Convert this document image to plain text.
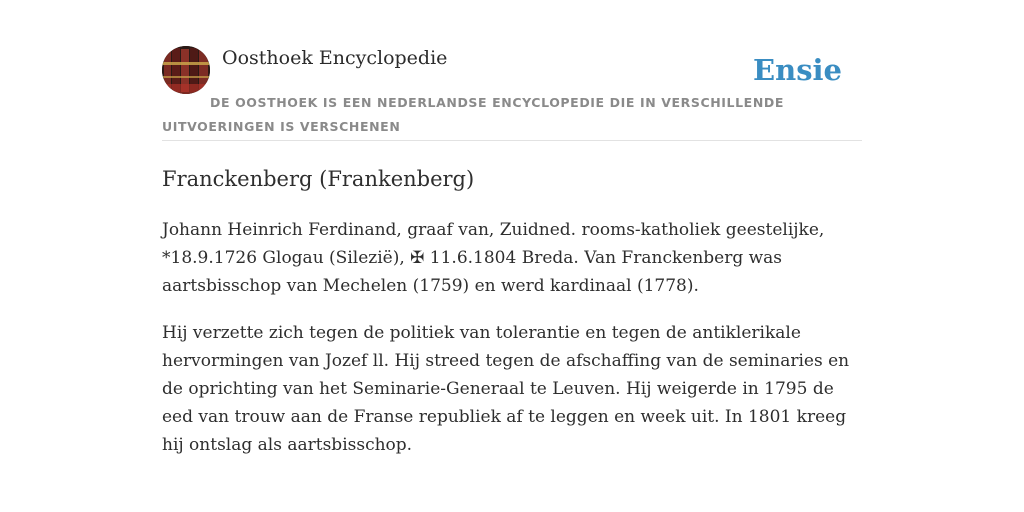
Oosthoek Encyclopedie	Ensie
DE OOSTHOEK IS EEN NEDERLANDSE ENCYCLOPEDIE DIE IN VERSCHILLENDE UITVOERINGEN IS VERSCHENEN
Franckenberg (Frankenberg)

Johann Heinrich Ferdinand, graaf van, Zuidned. rooms-katholiek geestelijke, *18.9.1726 Glogau (Silezië), ✠ 11.6.1804 Breda. Van Franckenberg was aartsbisschop van Mechelen (1759) en werd kardinaal (1778).

Hij verzette zich tegen de politiek van tolerantie en tegen de antiklerikale hervormingen van Jozef ll. Hij streed tegen de afschaffing van de seminaries en de oprichting van het Seminarie-Generaal te Leuven. Hij weigerde in 1795 de eed van trouw aan de Franse republiek af te leggen en week uit. In 1801 kreeg hij ontslag als aartsbisschop.
